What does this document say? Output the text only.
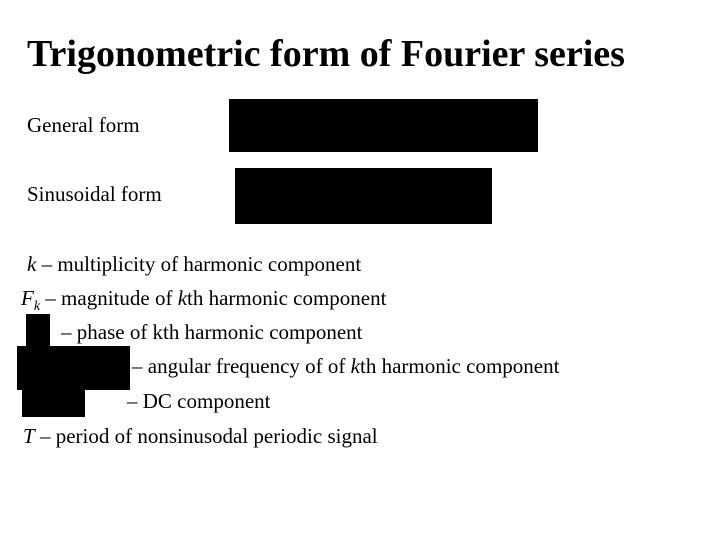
Trigonometric form of Fourier series
General form
Sinusoidal form
k – multiplicity of harmonic component
$F_k$ – magnitude of kth harmonic component
– phase of kth harmonic component
– angular frequency of of kth harmonic component
– DC component
T – period of nonsinusodal periodic signal
